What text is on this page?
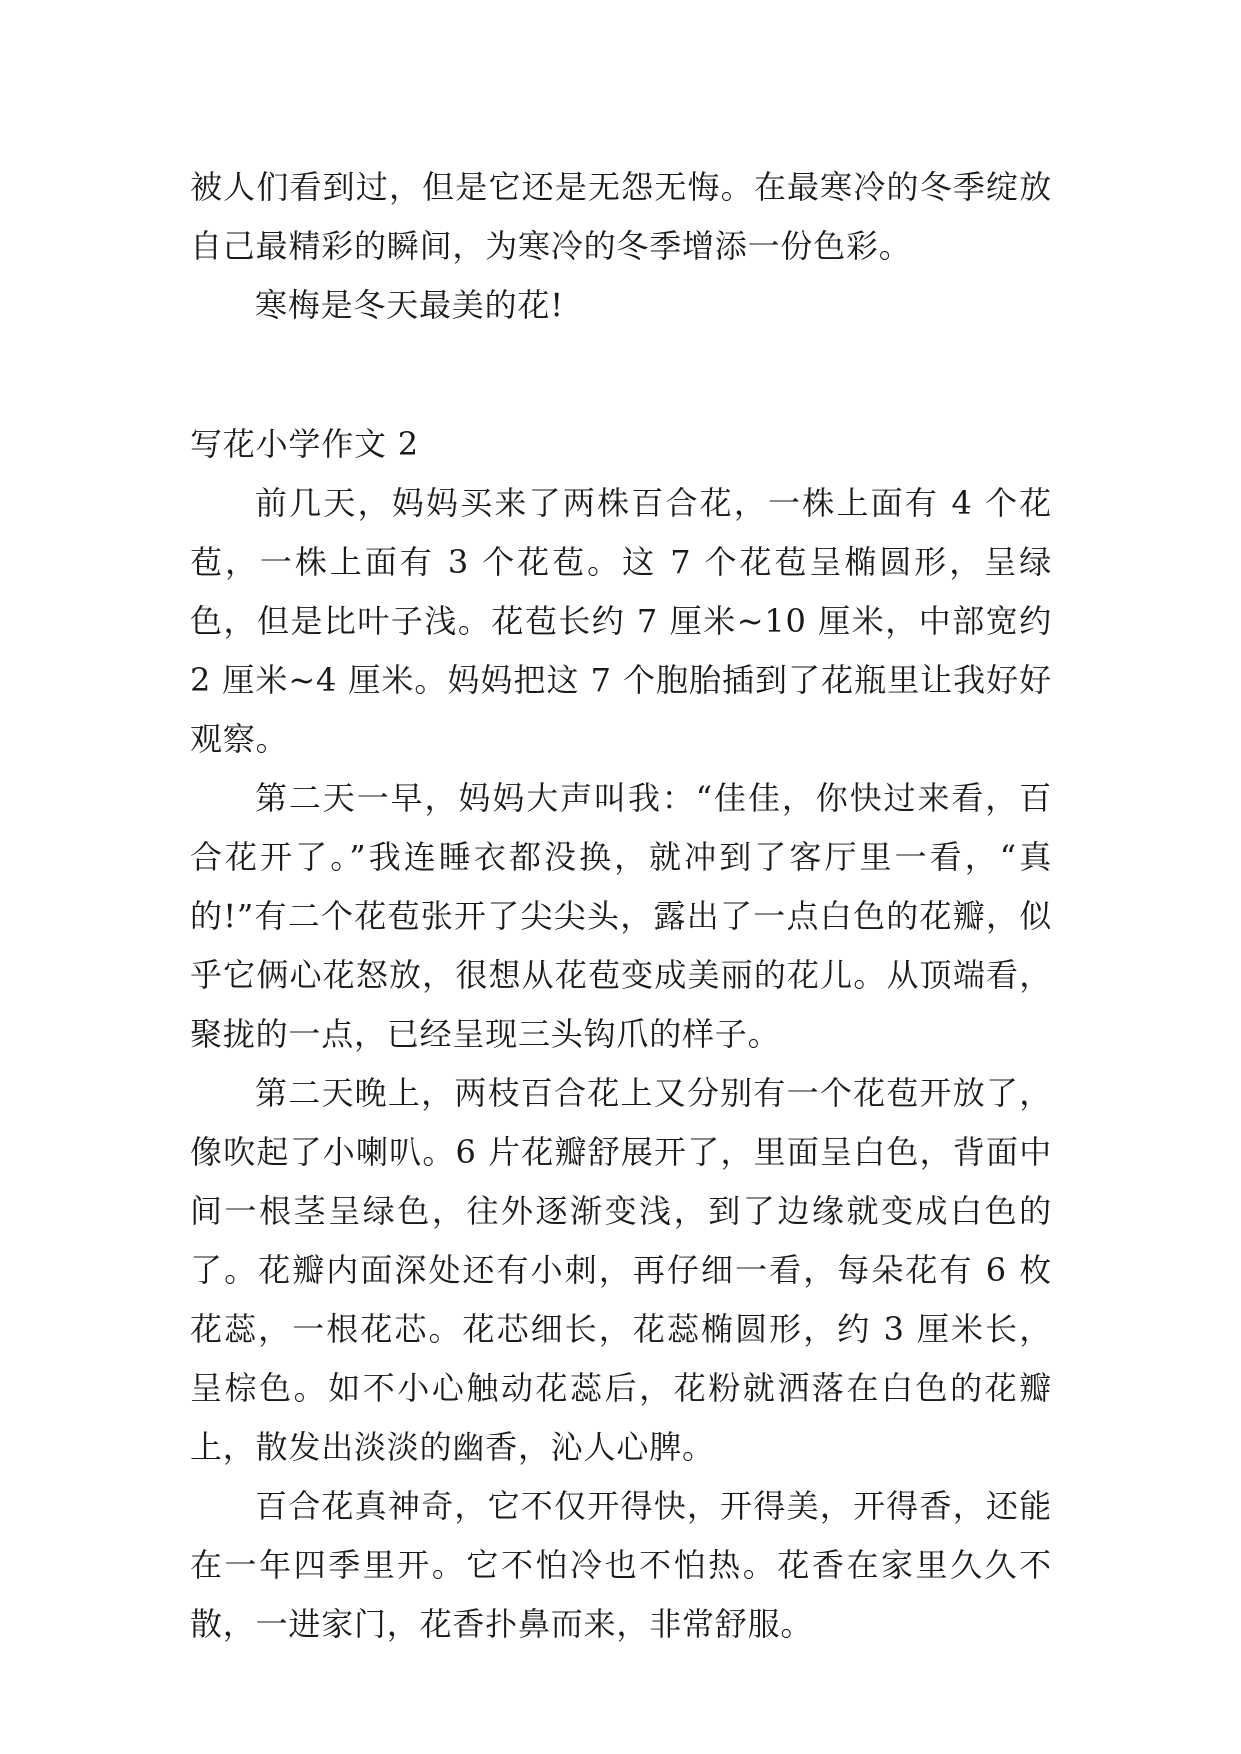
被人们看到过，但是它还是无怨无悔。在最寒冷的冬季绽放自己最精彩的瞬间，为寒冷的冬季增添一份色彩。

寒梅是冬天最美的花!

写花小学作文 2

前几天，妈妈买来了两株百合花，一株上面有 4 个花苞，一株上面有 3 个花苞。这 7 个花苞呈椭圆形，呈绿色，但是比叶子浅。花苞长约 7 厘米~10 厘米，中部宽约 2 厘米~4 厘米。妈妈把这 7 个胞胎插到了花瓶里让我好好观察。

第二天一早，妈妈大声叫我：“佳佳，你快过来看，百合花开了。”我连睡衣都没换，就冲到了客厅里一看，“真的!”有二个花苞张开了尖尖头，露出了一点白色的花瓣，似乎它俩心花怒放，很想从花苞变成美丽的花儿。从顶端看，聚拢的一点，已经呈现三头钩爪的样子。

第二天晚上，两枝百合花上又分别有一个花苞开放了，像吹起了小喇叭。6 片花瓣舒展开了，里面呈白色，背面中间一根茎呈绿色，往外逐渐变浅，到了边缘就变成白色的了。花瓣内面深处还有小刺，再仔细一看，每朵花有 6 枚花蕊，一根花芯。花芯细长，花蕊椭圆形，约 3 厘米长，呈棕色。如不小心触动花蕊后，花粉就洒落在白色的花瓣上，散发出淡淡的幽香，沁人心脾。

百合花真神奇，它不仅开得快，开得美，开得香，还能在一年四季里开。它不怕冷也不怕热。花香在家里久久不散，一进家门，花香扑鼻而来，非常舒服。
